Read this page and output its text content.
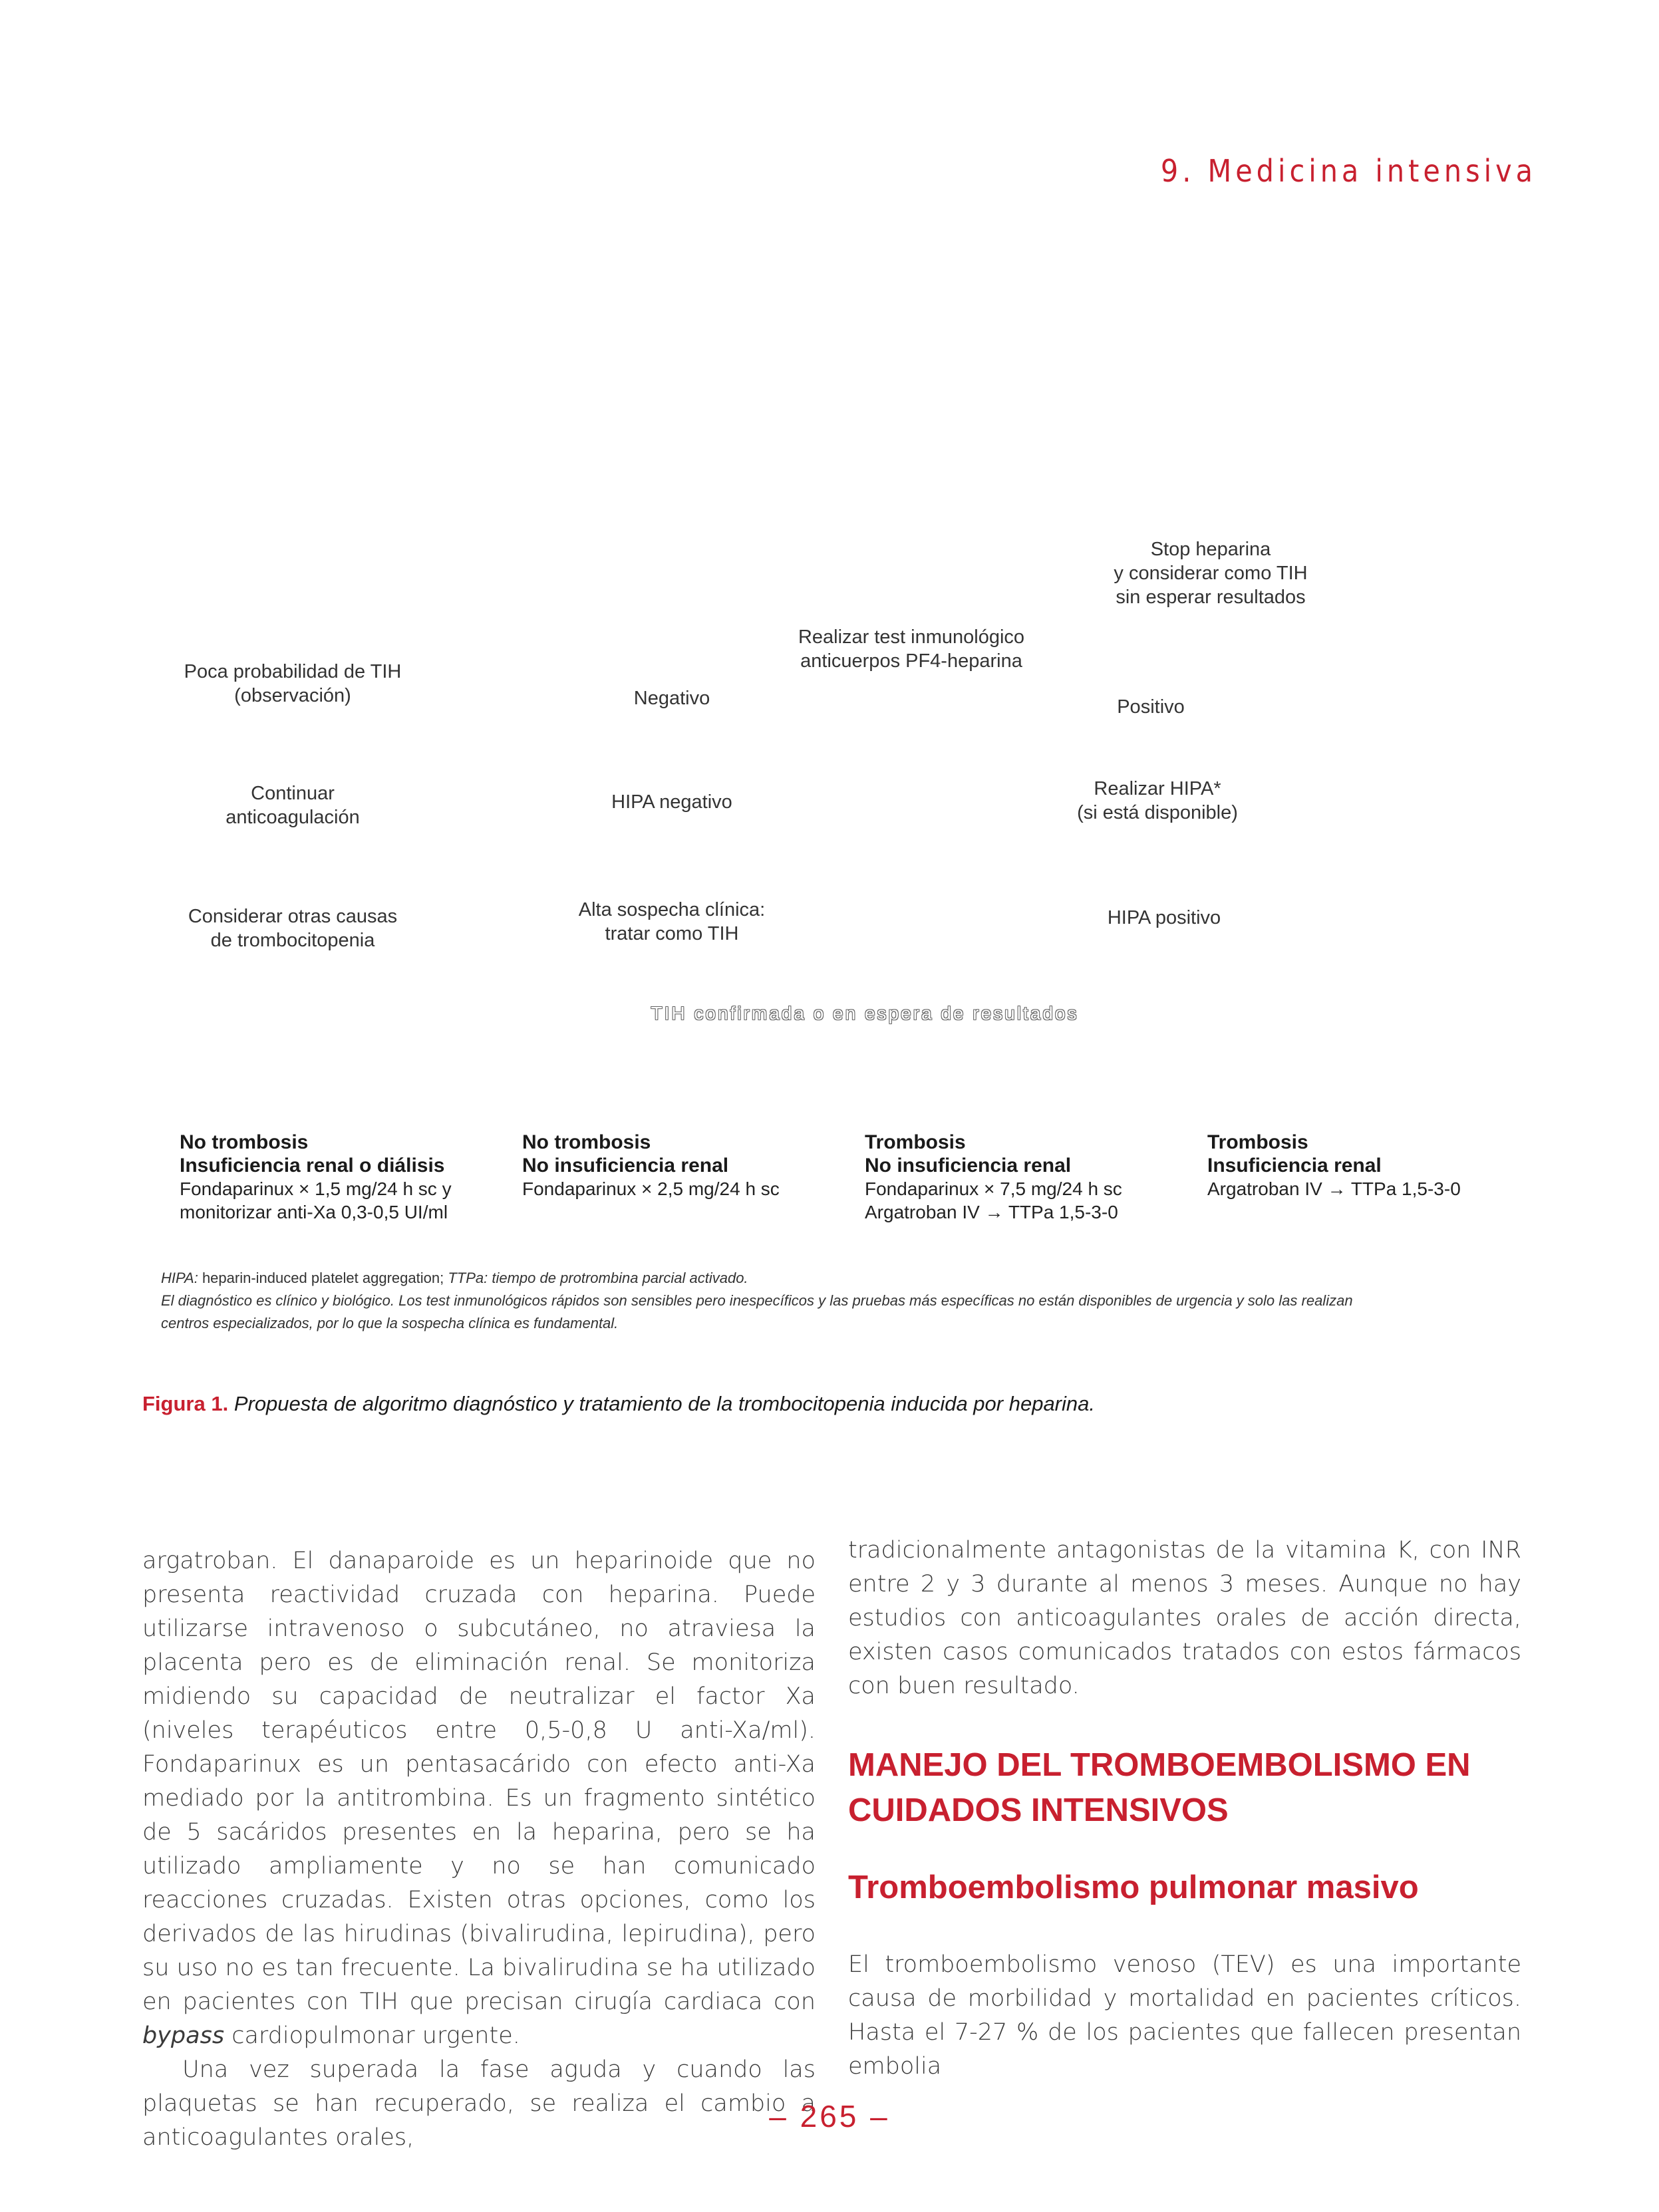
9. Medicina intensiva
Stop heparina
y considerar como TIH
sin esperar resultados
Realizar test inmunológico
anticuerpos PF4-heparina
Poca probabilidad de TIH
(observación)	Negativo	Positivo
Continuar
anticoagulación
HIPA negativo
Realizar HIPA*
(si está disponible)
Considerar otras causas
de trombocitopenia
Alta sospecha clínica:
tratar como TIH
HIPA positivo
TIH confirmada o en espera de resultados
No trombosis
Insuficiencia renal o diálisis
Fondaparinux × 1,5 mg/24 h sc y
monitorizar anti-Xa 0,3-0,5 UI/ml
No trombosis
No insuficiencia renal
Fondaparinux × 2,5 mg/24 h sc
Trombosis
No insuficiencia renal
Fondaparinux × 7,5 mg/24 h sc
Argatroban IV → TTPa 1,5-3-0
Trombosis
Insuficiencia renal
Argatroban IV → TTPa 1,5-3-0
HIPA: heparin-induced platelet aggregation; TTPa: tiempo de protrombina parcial activado.
El diagnóstico es clínico y biológico. Los test inmunológicos rápidos son sensibles pero inespecíficos y las pruebas más específicas no están disponibles de urgencia y solo las realizan
centros especializados, por lo que la sospecha clínica es fundamental.
Figura 1. Propuesta de algoritmo diagnóstico y tratamiento de la trombocitopenia inducida por heparina.

argatroban. El danaparoide es un heparinoide que no presenta reactividad cruzada con heparina. Puede utilizarse intravenoso o subcutáneo, no atraviesa la placenta pero es de eliminación renal. Se monitoriza midiendo su capacidad de neutralizar el factor Xa (niveles terapéuticos entre 0,5-0,8 U anti-Xa/ml). Fondaparinux es un pentasacárido con efecto anti-Xa mediado por la antitrombina. Es un fragmento sintético de 5 sacáridos presentes en la heparina, pero se ha utilizado ampliamente y no se han comunicado reacciones cruzadas. Existen otras opciones, como los derivados de las hirudinas (bivalirudina, lepirudina), pero su uso no es tan frecuente. La bivalirudina se ha utilizado en pacientes con TIH que precisan cirugía cardiaca con bypass cardiopulmonar urgente.

Una vez superada la fase aguda y cuando las plaquetas se han recuperado, se realiza el cambio a anticoagulantes orales,

tradicionalmente antagonistas de la vitamina K, con INR entre 2 y 3 durante al menos 3 meses. Aunque no hay estudios con anticoagulantes orales de acción directa, existen casos comunicados tratados con estos fármacos con buen resultado.
MANEJO DEL TROMBOEMBOLISMO EN CUIDADOS INTENSIVOS
Tromboembolismo pulmonar masivo
El tromboembolismo venoso (TEV) es una importante causa de morbilidad y mortalidad en pacientes críticos. Hasta el 7-27 % de los pacientes que fallecen presentan embolia
– 265 –
